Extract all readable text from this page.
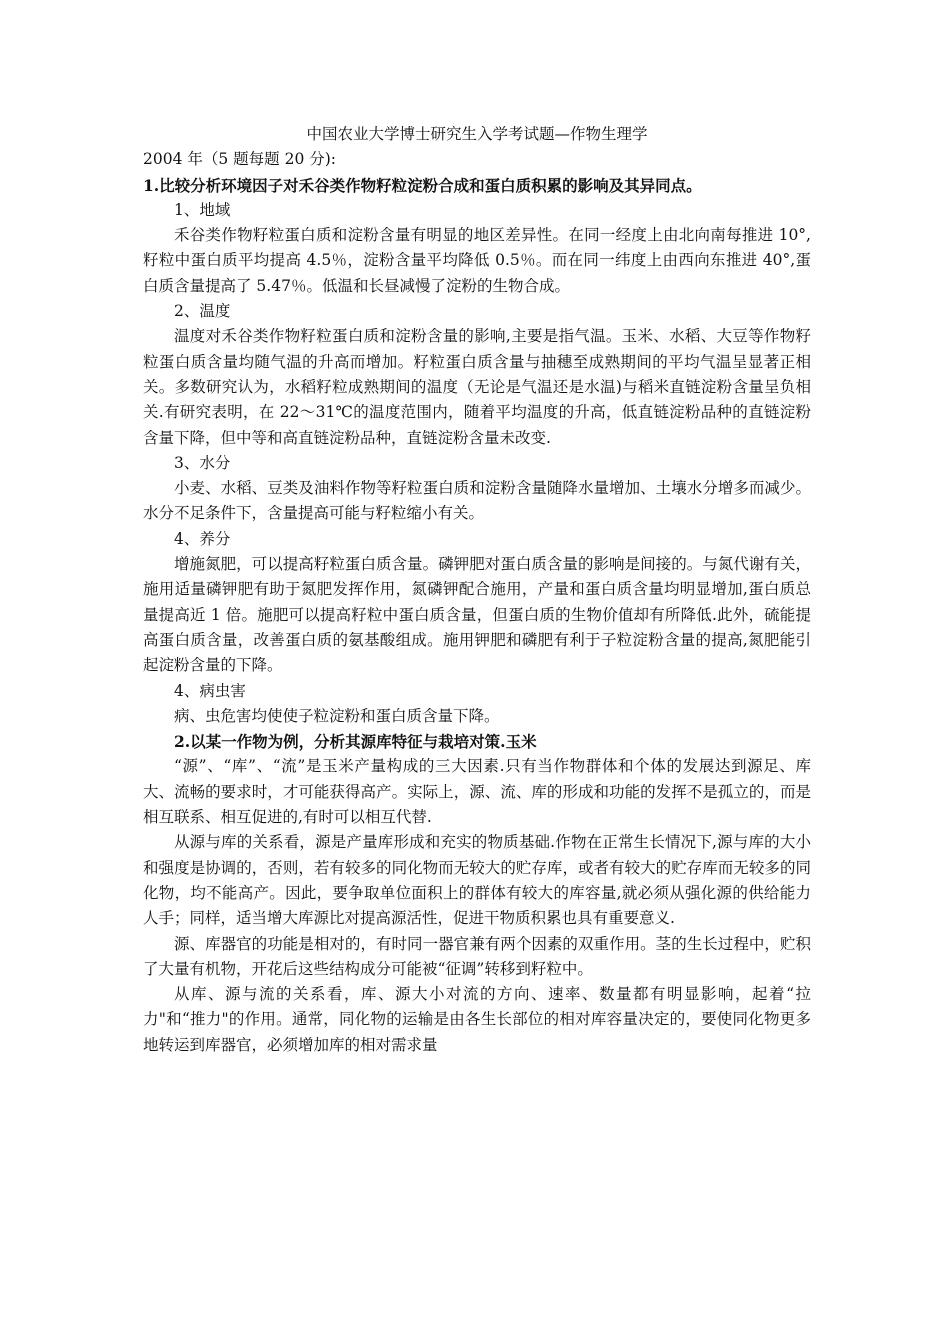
中国农业大学博士研究生入学考试题—作物生理学

2004 年（5 题每题 20 分):

1.比较分析环境因子对禾谷类作物籽粒淀粉合成和蛋白质积累的影响及其异同点。

1、地域

禾谷类作物籽粒蛋白质和淀粉含量有明显的地区差异性。在同一经度上由北向南每推进 10°,籽粒中蛋白质平均提高 4.5％，淀粉含量平均降低 0.5％。而在同一纬度上由西向东推进 40°,蛋白质含量提高了 5.47％。低温和长昼减慢了淀粉的生物合成。

2、温度

温度对禾谷类作物籽粒蛋白质和淀粉含量的影响,主要是指气温。玉米、水稻、大豆等作物籽粒蛋白质含量均随气温的升高而增加。籽粒蛋白质含量与抽穗至成熟期间的平均气温呈显著正相关。多数研究认为，水稻籽粒成熟期间的温度（无论是气温还是水温)与稻米直链淀粉含量呈负相关.有研究表明，在 22～31℃的温度范围内，随着平均温度的升高，低直链淀粉品种的直链淀粉含量下降，但中等和高直链淀粉品种，直链淀粉含量未改变.

3、水分

小麦、水稻、豆类及油料作物等籽粒蛋白质和淀粉含量随降水量增加、土壤水分增多而减少。水分不足条件下，含量提高可能与籽粒缩小有关。

4、养分

增施氮肥，可以提高籽粒蛋白质含量。磷钾肥对蛋白质含量的影响是间接的。与氮代谢有关，施用适量磷钾肥有助于氮肥发挥作用，氮磷钾配合施用，产量和蛋白质含量均明显增加,蛋白质总量提高近 1 倍。施肥可以提高籽粒中蛋白质含量，但蛋白质的生物价值却有所降低.此外，硫能提高蛋白质含量，改善蛋白质的氨基酸组成。施用钾肥和磷肥有利于子粒淀粉含量的提高,氮肥能引起淀粉含量的下降。

4、病虫害

病、虫危害均使使子粒淀粉和蛋白质含量下降。

2.以某一作物为例，分析其源库特征与栽培对策.玉米

“源”、“库”、“流”是玉米产量构成的三大因素.只有当作物群体和个体的发展达到源足、库大、流畅的要求时，才可能获得高产。实际上，源、流、库的形成和功能的发挥不是孤立的，而是相互联系、相互促进的,有时可以相互代替.

从源与库的关系看，源是产量库形成和充实的物质基础.作物在正常生长情况下,源与库的大小和强度是协调的，否则，若有较多的同化物而无较大的贮存库，或者有较大的贮存库而无较多的同化物，均不能高产。因此，要争取单位面积上的群体有较大的库容量,就必须从强化源的供给能力人手；同样，适当增大库源比对提高源活性，促进干物质积累也具有重要意义.

源、库器官的功能是相对的，有时同一器官兼有两个因素的双重作用。茎的生长过程中，贮积了大量有机物，开花后这些结构成分可能被“征调”转移到籽粒中。

从库、源与流的关系看，库、源大小对流的方向、速率、数量都有明显影响，起着“拉力"和“推力"的作用。通常，同化物的运输是由各生长部位的相对库容量决定的，要使同化物更多地转运到库器官，必须增加库的相对需求量
